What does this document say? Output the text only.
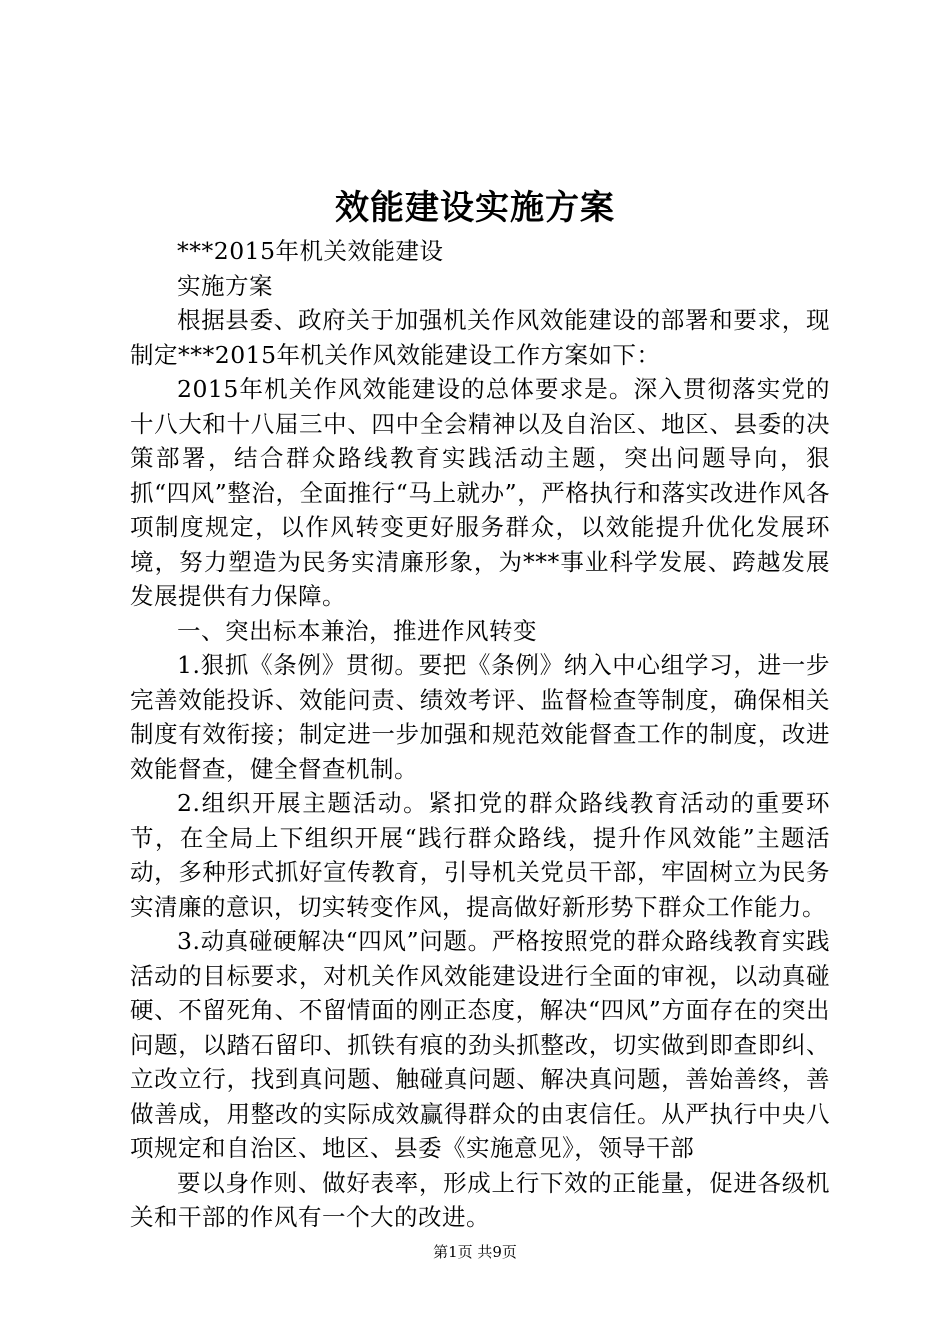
效能建设实施方案

***2015年机关效能建设

实施方案

根据县委、政府关于加强机关作风效能建设的部署和要求，现制定***2015年机关作风效能建设工作方案如下：

2015年机关作风效能建设的总体要求是。深入贯彻落实党的十八大和十八届三中、四中全会精神以及自治区、地区、县委的决策部署，结合群众路线教育实践活动主题，突出问题导向，狠抓“四风”整治，全面推行“马上就办”，严格执行和落实改进作风各项制度规定，以作风转变更好服务群众，以效能提升优化发展环境，努力塑造为民务实清廉形象，为***事业科学发展、跨越发展发展提供有力保障。

一、突出标本兼治，推进作风转变

1.狠抓《条例》贯彻。要把《条例》纳入中心组学习，进一步完善效能投诉、效能问责、绩效考评、监督检查等制度，确保相关制度有效衔接；制定进一步加强和规范效能督查工作的制度，改进效能督查，健全督查机制。

2.组织开展主题活动。紧扣党的群众路线教育活动的重要环节，在全局上下组织开展“践行群众路线，提升作风效能”主题活动，多种形式抓好宣传教育，引导机关党员干部，牢固树立为民务实清廉的意识，切实转变作风，提高做好新形势下群众工作能力。

3.动真碰硬解决“四风”问题。严格按照党的群众路线教育实践活动的目标要求，对机关作风效能建设进行全面的审视，以动真碰硬、不留死角、不留情面的刚正态度，解决“四风”方面存在的突出问题，以踏石留印、抓铁有痕的劲头抓整改，切实做到即查即纠、立改立行，找到真问题、触碰真问题、解决真问题，善始善终，善做善成，用整改的实际成效赢得群众的由衷信任。从严执行中央八项规定和自治区、地区、县委《实施意见》，领导干部

要以身作则、做好表率，形成上行下效的正能量，促进各级机关和干部的作风有一个大的改进。

第1页 共9页
